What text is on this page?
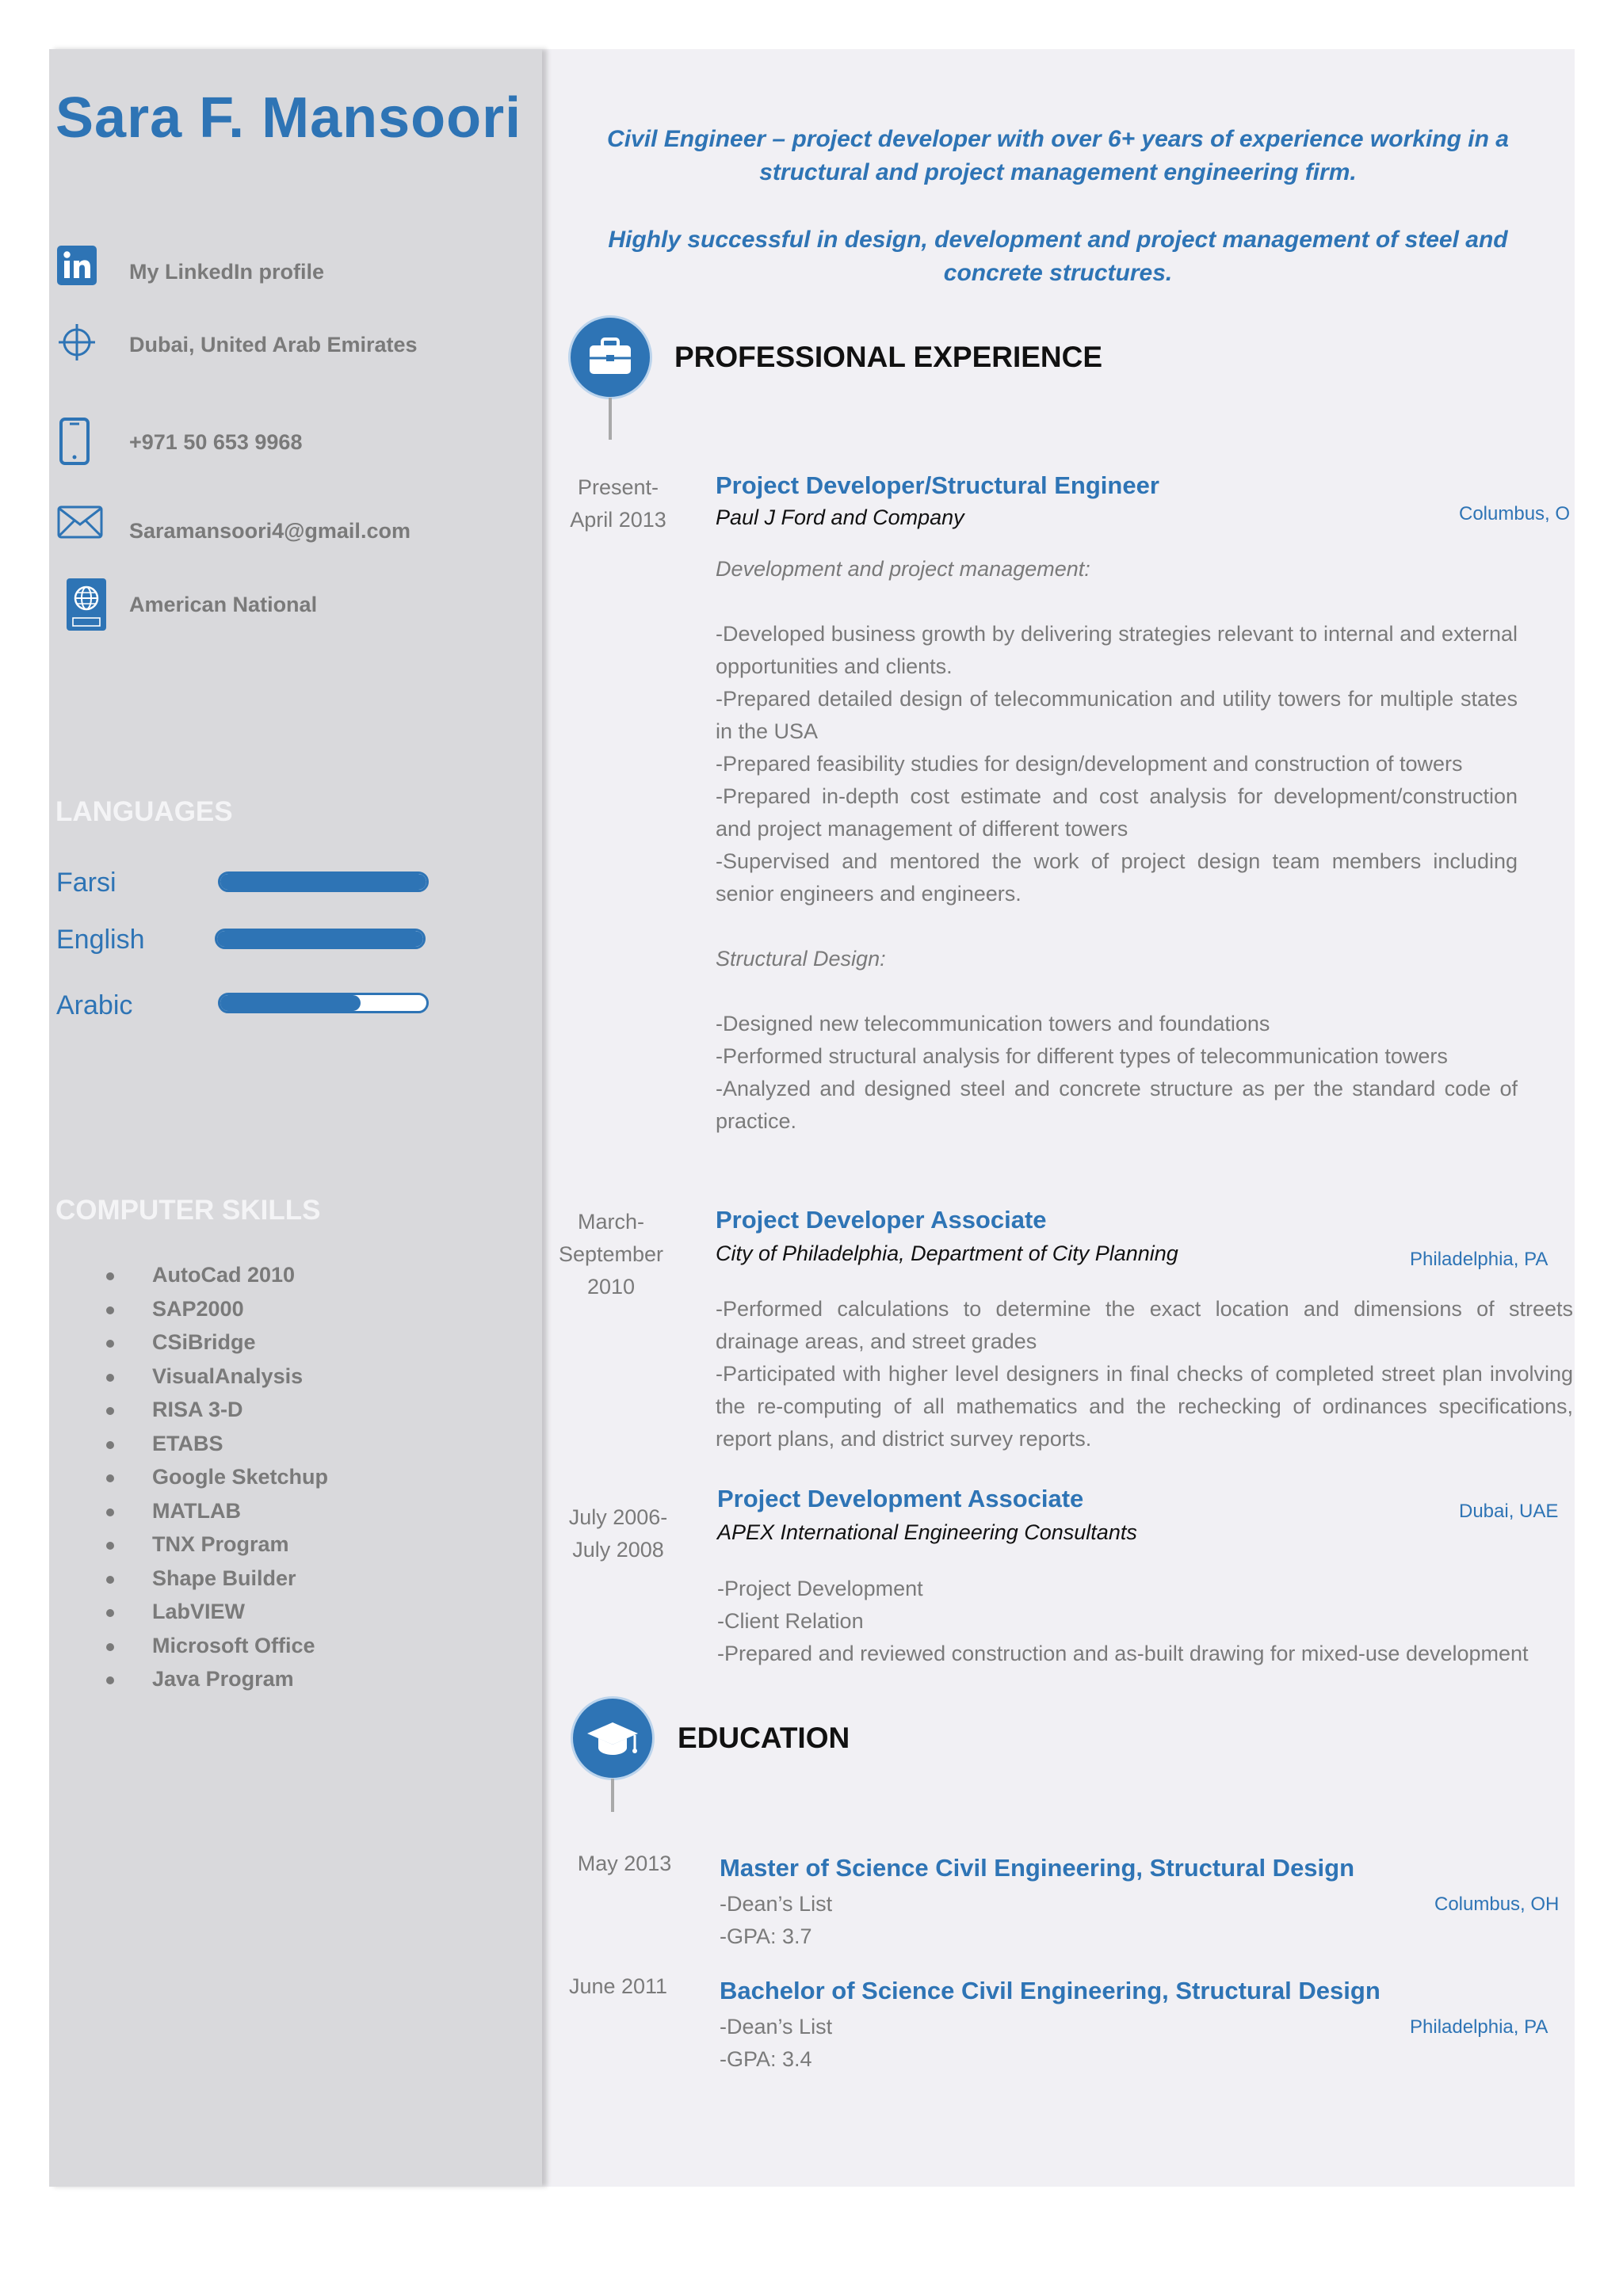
Sara F. Mansoori
My LinkedIn profile
Dubai, United Arab Emirates
+971 50 653 9968
Saramansoori4@gmail.com
American National
LANGUAGES
Farsi
English
Arabic
COMPUTER SKILLS
AutoCad 2010
SAP2000
CSiBridge
VisualAnalysis
RISA 3-D
ETABS
Google Sketchup
MATLAB
TNX Program
Shape Builder
LabVIEW
Microsoft Office
Java Program

Civil Engineer – project developer with over 6+ years of experience working in a structural and project management engineering firm.

Highly successful in design, development and project management of steel and concrete structures.

PROFESSIONAL EXPERIENCE
Present-
April 2013
Project Developer/Structural Engineer
Paul J Ford and Company	Columbus, O

Development and project management:

-Developed business growth by delivering strategies relevant to internal and external opportunities and clients.

-Prepared detailed design of telecommunication and utility towers for multiple states in the USA

-Prepared feasibility studies for design/development and construction of towers

-Prepared in-depth cost estimate and cost analysis for development/construction and project management of different towers

-Supervised and mentored the work of project design team members including senior engineers and engineers.

Structural Design:

-Designed new telecommunication towers and foundations

-Performed structural analysis for different types of telecommunication towers

-Analyzed and designed steel and concrete structure as per the standard code of practice.

March-
September
2010
Project Developer Associate
City of Philadelphia, Department of City Planning	Philadelphia, PA

-Performed calculations to determine the exact location and dimensions of streets drainage areas, and street grades

-Participated with higher level designers in final checks of completed street plan involving the re-computing of all mathematics and the rechecking of ordinances specifications, report plans, and district survey reports.

July 2006-
July 2008
Project Development Associate
APEX International Engineering Consultants
Dubai, UAE

-Project Development

-Client Relation

-Prepared and reviewed construction and as-built drawing for mixed-use development

EDUCATION
May 2013	Master of Science Civil Engineering, Structural Design
Columbus, OH

-Dean’s List

-GPA: 3.7

June 2011 Bachelor of Science Civil Engineering, Structural Design
Philadelphia, PA

-Dean’s List

-GPA: 3.4
